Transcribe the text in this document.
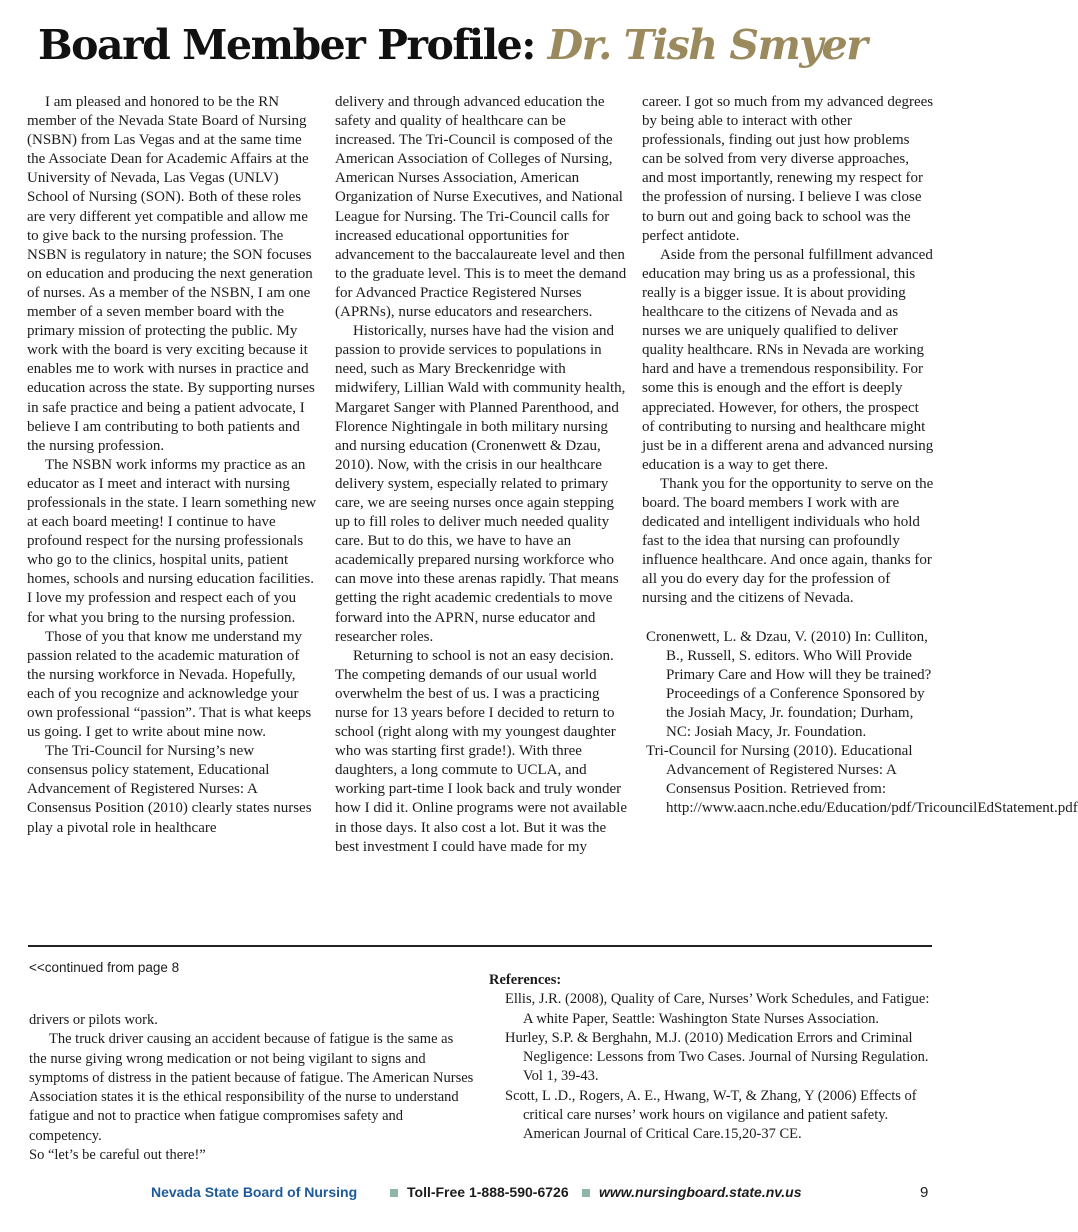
Board Member Profile: Dr. Tish Smyer

I am pleased and honored to be the RN member of the Nevada State Board of Nursing (NSBN) from Las Vegas and at the same time the Associate Dean for Academic Affairs at the University of Nevada, Las Vegas (UNLV) School of Nursing (SON). Both of these roles are very different yet compatible and allow me to give back to the nursing profession. The NSBN is regulatory in nature; the SON focuses on education and producing the next generation of nurses. As a member of the NSBN, I am one member of a seven member board with the primary mission of protecting the public. My work with the board is very exciting because it enables me to work with nurses in practice and education across the state. By supporting nurses in safe practice and being a patient advocate, I believe I am contributing to both patients and the nursing profession.

The NSBN work informs my practice as an educator as I meet and interact with nursing professionals in the state. I learn something new at each board meeting! I continue to have profound respect for the nursing professionals who go to the clinics, hospital units, patient homes, schools and nursing education facilities. I love my profession and respect each of you for what you bring to the nursing profession.

Those of you that know me understand my passion related to the academic maturation of the nursing workforce in Nevada. Hopefully, each of you recognize and acknowledge your own professional “passion”. That is what keeps us going. I get to write about mine now.

The Tri-Council for Nursing’s new consensus policy statement, Educational Advancement of Registered Nurses: A Consensus Position (2010) clearly states nurses play a pivotal role in healthcare

delivery and through advanced education the safety and quality of healthcare can be increased. The Tri-Council is composed of the American Association of Colleges of Nursing, American Nurses Association, American Organization of Nurse Executives, and National League for Nursing. The Tri-Council calls for increased educational opportunities for advancement to the baccalaureate level and then to the graduate level. This is to meet the demand for Advanced Practice Registered Nurses (APRNs), nurse educators and researchers.

Historically, nurses have had the vision and passion to provide services to populations in need, such as Mary Breckenridge with midwifery, Lillian Wald with community health, Margaret Sanger with Planned Parenthood, and Florence Nightingale in both military nursing and nursing education (Cronenwett & Dzau, 2010). Now, with the crisis in our healthcare delivery system, especially related to primary care, we are seeing nurses once again stepping up to fill roles to deliver much needed quality care. But to do this, we have to have an academically prepared nursing workforce who can move into these arenas rapidly. That means getting the right academic credentials to move forward into the APRN, nurse educator and researcher roles.

Returning to school is not an easy decision. The competing demands of our usual world overwhelm the best of us. I was a practicing nurse for 13 years before I decided to return to school (right along with my youngest daughter who was starting first grade!). With three daughters, a long commute to UCLA, and working part-time I look back and truly wonder how I did it. Online programs were not available in those days. It also cost a lot. But it was the best investment I could have made for my

career. I got so much from my advanced degrees by being able to interact with other professionals, finding out just how problems can be solved from very diverse approaches, and most importantly, renewing my respect for the profession of nursing. I believe I was close to burn out and going back to school was the perfect antidote.

Aside from the personal fulfillment advanced education may bring us as a professional, this really is a bigger issue. It is about providing healthcare to the citizens of Nevada and as nurses we are uniquely qualified to deliver quality healthcare. RNs in Nevada are working hard and have a tremendous responsibility. For some this is enough and the effort is deeply appreciated. However, for others, the prospect of contributing to nursing and healthcare might just be in a different arena and advanced nursing education is a way to get there.

Thank you for the opportunity to serve on the board. The board members I work with are dedicated and intelligent individuals who hold fast to the idea that nursing can profoundly influence healthcare. And once again, thanks for all you do every day for the profession of nursing and the citizens of Nevada.

Cronenwett, L. & Dzau, V. (2010) In: Culliton, B., Russell, S. editors. Who Will Provide Primary Care and How will they be trained? Proceedings of a Conference Sponsored by the Josiah Macy, Jr. foundation; Durham, NC: Josiah Macy, Jr. Foundation.

Tri-Council for Nursing (2010). Educational Advancement of Registered Nurses: A Consensus Position. Retrieved from: http://www.aacn.nche.edu/Education/pdf/TricouncilEdStatement.pdf

<<continued from page 8

drivers or pilots work.

The truck driver causing an accident because of fatigue is the same as the nurse giving wrong medication or not being vigilant to signs and symptoms of distress in the patient because of fatigue. The American Nurses Association states it is the ethical responsibility of the nurse to understand fatigue and not to practice when fatigue compromises safety and competency.

So “let’s be careful out there!”

References:

Ellis, J.R. (2008), Quality of Care, Nurses’ Work Schedules, and Fatigue: A white Paper, Seattle: Washington State Nurses Association.

Hurley, S.P. & Berghahn, M.J. (2010) Medication Errors and Criminal Negligence: Lessons from Two Cases. Journal of Nursing Regulation. Vol 1, 39-43.

Scott, L .D., Rogers, A. E., Hwang, W-T, & Zhang, Y (2006) Effects of critical care nurses’ work hours on vigilance and patient safety. American Journal of Critical Care.15,20-37 CE.

Nevada State Board of Nursing	Toll-Free 1-888-590-6726 www.nursingboard.state.nv.us	9
